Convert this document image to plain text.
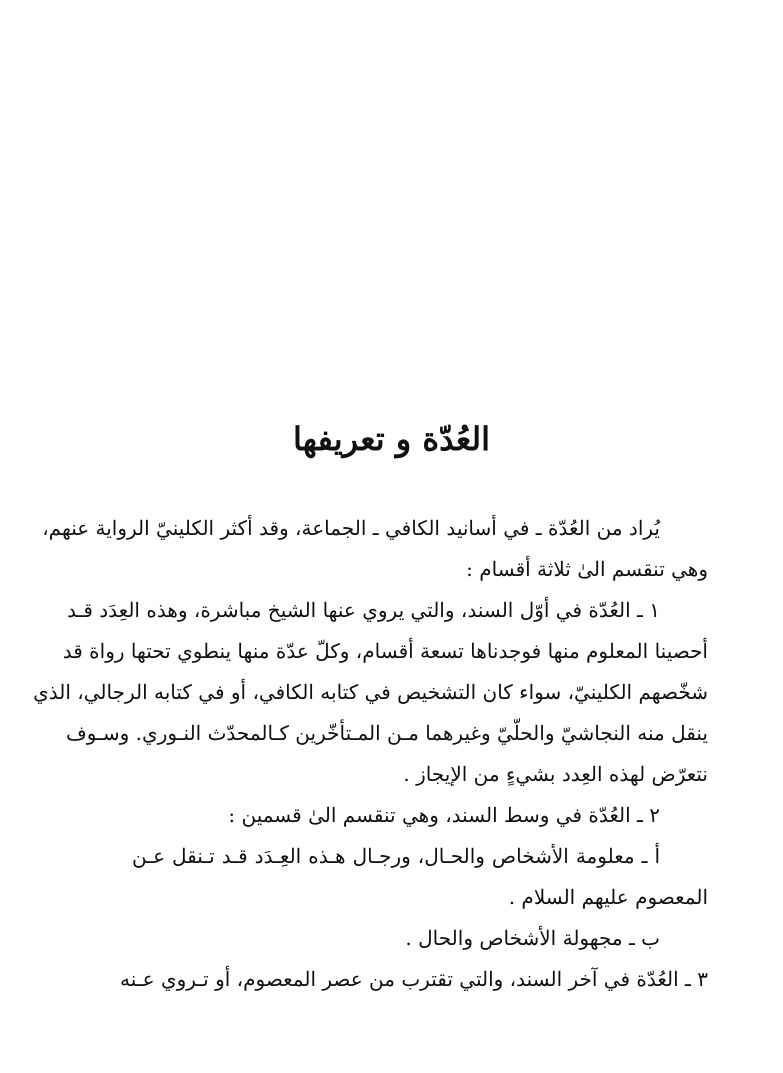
العُدّة و تعريفها
يُراد من العُدّة ـ في أسانيد الكافي ـ الجماعة، وقد أكثر الكلينيّ الرواية عنهم،
وهي تنقسم الىٰ ثلاثة أقسام :
١ ـ العُدّة في أوّل السند، والتي يروي عنها الشيخ مباشرة، وهذه العِدَد قـد
أحصينا المعلوم منها فوجدناها تسعة أقسام، وكلّ عدّة منها ينطوي تحتها رواة قد
شخّصهم الكلينيّ، سواء كان التشخيص في كتابه الكافي، أو في كتابه الرجالي، الذي
ينقل منه النجاشيّ والحلّيّ وغيرهما مـن المـتأخّرين كـالمحدّث النـوري. وسـوف
نتعرّض لهذه العِدد بشيءٍ من الإيجاز .
٢ ـ العُدّة في وسط السند، وهي تنقسم الىٰ قسمين :
أ ـ معلومة الأشخاص والحـال، ورجـال هـذه العِـدَد قـد تـنقل عـن
المعصوم عليهم السلام .
ب ـ مجهولة الأشخاص والحال .
٣ ـ العُدّة في آخر السند، والتي تقترب من عصر المعصوم، أو تـروي عـنه
